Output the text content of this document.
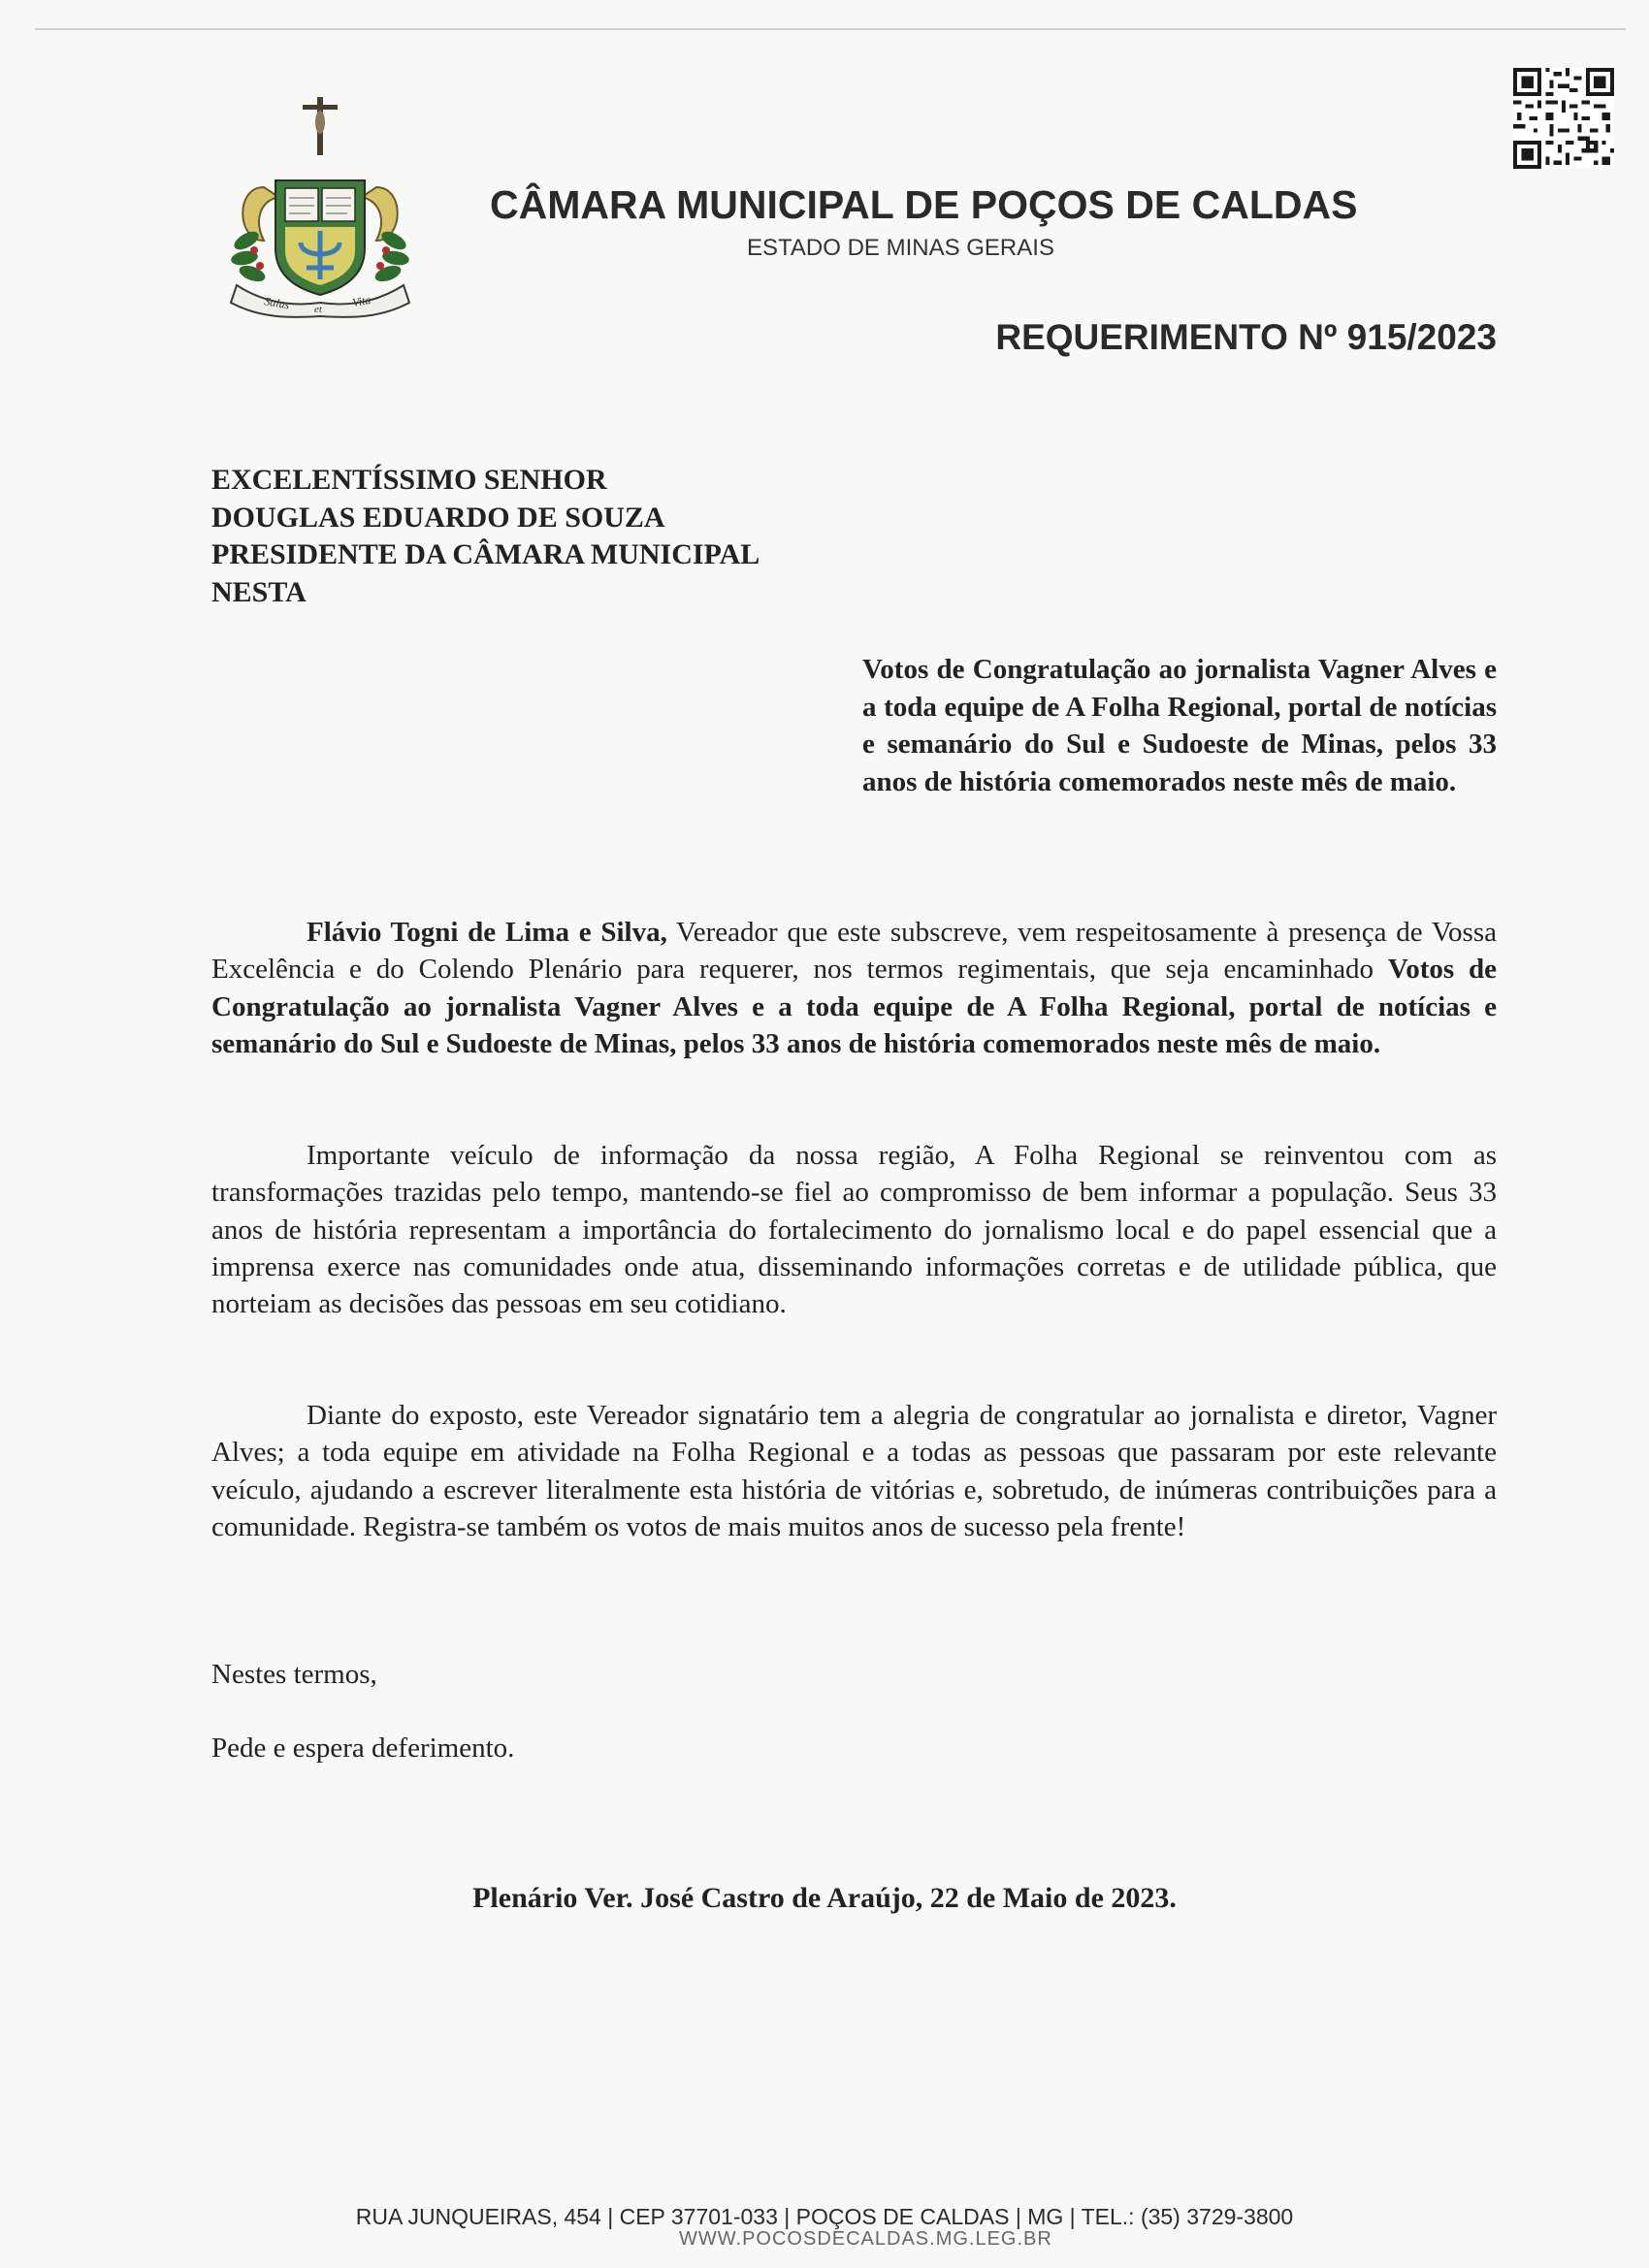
Salus et
Vita
CÂMARA MUNICIPAL DE POÇOS DE CALDAS
ESTADO DE MINAS GERAIS
REQUERIMENTO Nº 915/2023
EXCELENTÍSSIMO SENHOR
DOUGLAS EDUARDO DE SOUZA
PRESIDENTE DA CÂMARA MUNICIPAL
NESTA
Votos de Congratulação ao jornalista Vagner Alves e a toda equipe de A Folha Regional, portal de notícias e semanário do Sul e Sudoeste de Minas, pelos 33 anos de história comemorados neste mês de maio.

Flávio Togni de Lima e Silva, Vereador que este subscreve, vem respeitosamente à presença de Vossa Excelência e do Colendo Plenário para requerer, nos termos regimentais, que seja encaminhado Votos de Congratulação ao jornalista Vagner Alves e a toda equipe de A Folha Regional, portal de notícias e semanário do Sul e Sudoeste de Minas, pelos 33 anos de história comemorados neste mês de maio.

Importante veículo de informação da nossa região, A Folha Regional se reinventou com as transformações trazidas pelo tempo, mantendo-se fiel ao compromisso de bem informar a população. Seus 33 anos de história representam a importância do fortalecimento do jornalismo local e do papel essencial que a imprensa exerce nas comunidades onde atua, disseminando informações corretas e de utilidade pública, que norteiam as decisões das pessoas em seu cotidiano.

Diante do exposto, este Vereador signatário tem a alegria de congratular ao jornalista e diretor, Vagner Alves; a toda equipe em atividade na Folha Regional e a todas as pessoas que passaram por este relevante veículo, ajudando a escrever literalmente esta história de vitórias e, sobretudo, de inúmeras contribuições para a comunidade. Registra-se também os votos de mais muitos anos de sucesso pela frente!

Nestes termos,
Pede e espera deferimento.
Plenário Ver. José Castro de Araújo, 22 de Maio de 2023.
RUA JUNQUEIRAS, 454 | CEP 37701-033 | POÇOS DE CALDAS | MG | TEL.: (35) 3729-3800
WWW.POCOSDECALDAS.MG.LEG.BR
